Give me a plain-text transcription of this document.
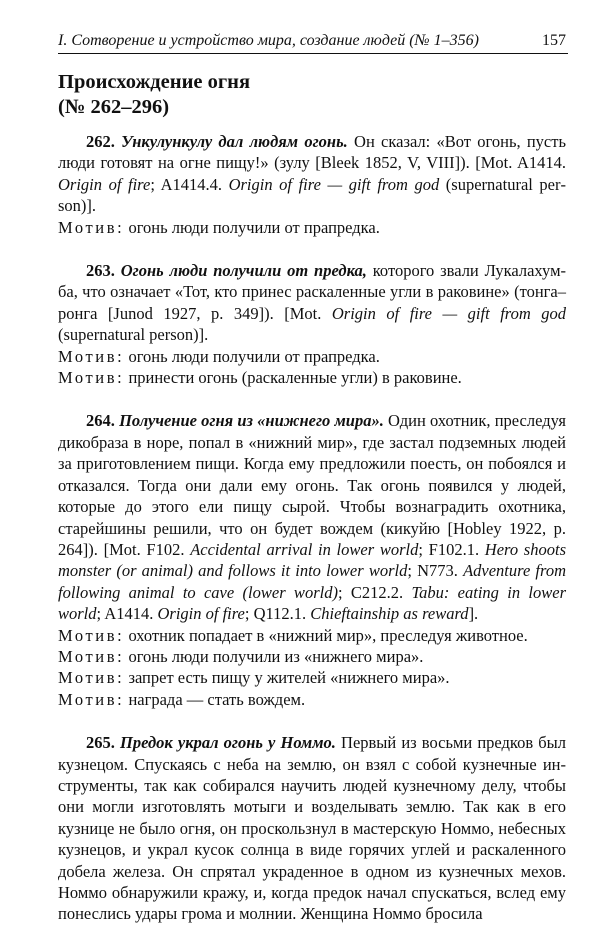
I. Сотворение и устройство мира, создание людей (№ 1–356)	157
Происхождение огня
(№ 262–296)

262. Ункулункулу дал людям огонь. Он сказал: «Вот огонь, пусть люди готовят на огне пищу!» (зулу [Bleek 1852, V, VIII]). [Mot. A1414. Origin of fire; A1414.4. Origin of fire — gift from god (supernatural person)].

Мотив: огонь люди получили от прапредка.

263. Огонь люди получили от предка, которого звали Лукалахумба, что означает «Тот, кто принес раскаленные угли в раковине» (тонга–ронга [Junod 1927, p. 349]). [Mot. Origin of fire — gift from god (supernatural person)].

Мотив: огонь люди получили от прапредка.
Мотив: принести огонь (раскаленные угли) в раковине.

264. Получение огня из «нижнего мира». Один охотник, преследуя дикобраза в норе, попал в «нижний мир», где застал подземных людей за приготовлением пищи. Когда ему предложили поесть, он побоялся и отказался. Тогда они дали ему огонь. Так огонь появился у людей, которые до этого ели пищу сырой. Чтобы вознаградить охотника, старейшины решили, что он будет вождем (кикуйю [Hobley 1922, p. 264]). [Mot. F102. Accidental arrival in lower world; F102.1. Hero shoots monster (or animal) and follows it into lower world; N773. Adventure from following animal to cave (lower world); C212.2. Tabu: eating in lower world; A1414. Origin of fire; Q112.1. Chieftainship as reward].

Мотив: охотник попадает в «нижний мир», преследуя животное.
Мотив: огонь люди получили из «нижнего мира».
Мотив: запрет есть пищу у жителей «нижнего мира».
Мотив: награда — стать вождем.

265. Предок украл огонь у Номмо. Первый из восьми предков был кузнецом. Спускаясь с неба на землю, он взял с собой кузнечные инструменты, так как собирался научить людей кузнечному делу, чтобы они могли изготовлять мотыги и возделывать землю. Так как в его кузнице не было огня, он проскользнул в мастерскую Номмо, небесных кузнецов, и украл кусок солнца в виде горячих углей и раскаленного добела железа. Он спрятал украденное в одном из кузнечных мехов. Номмо обнаружили кражу, и, когда предок начал спускаться, вслед ему понеслись удары грома и молнии. Женщина Номмо бросила
